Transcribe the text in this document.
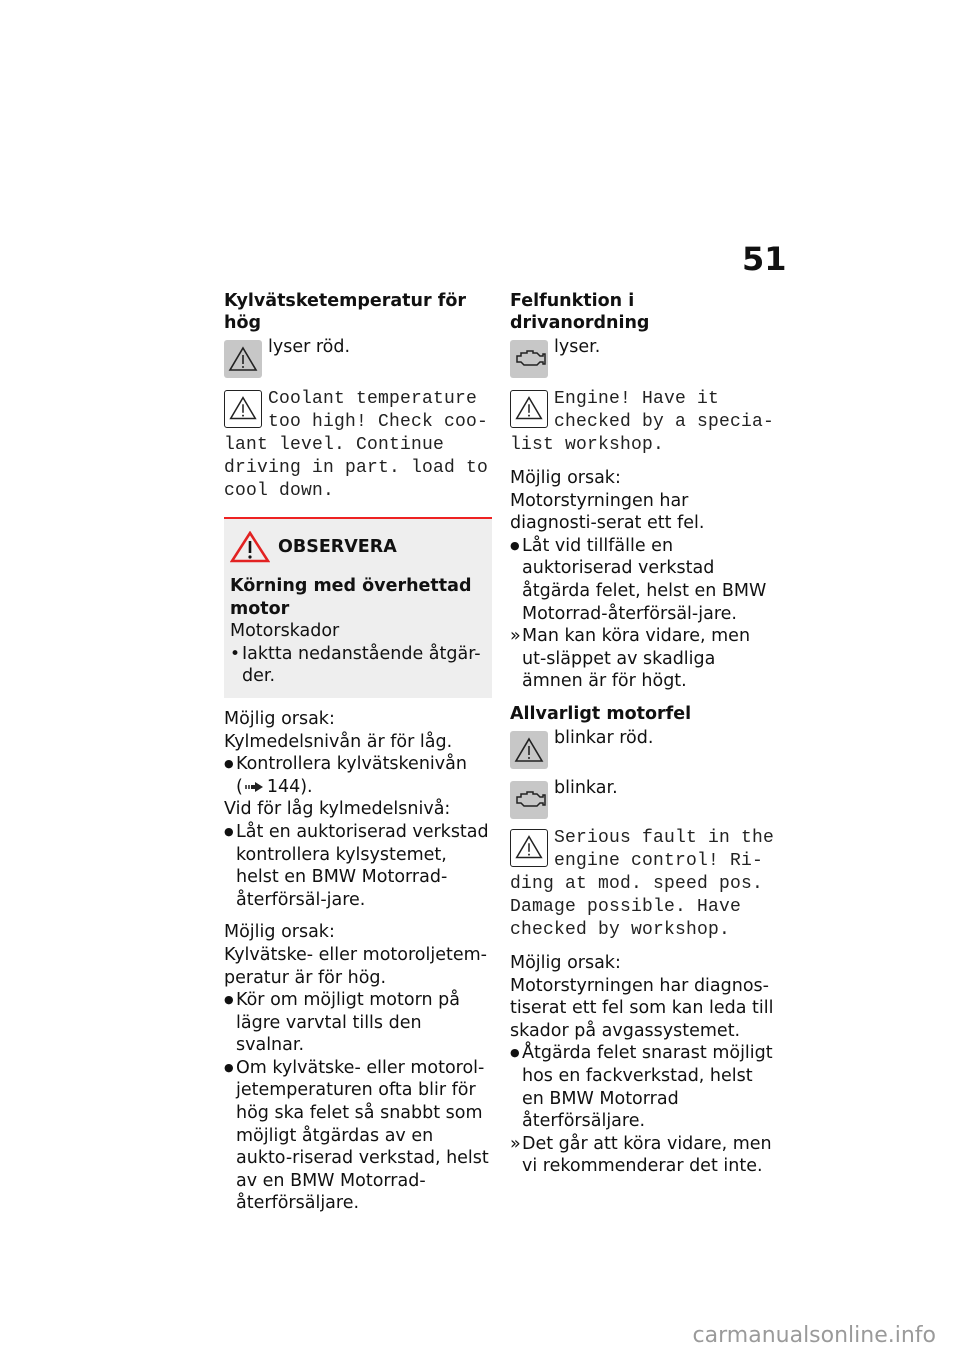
51
Kylvätsketemperatur för hög

lyser röd.

Coolant temperature too high! Check coo-lant level. Continue driving in part. load to cool down.
OBSERVERA

Körning med överhettad motor

Motorskador

• Iaktta nedanstående åtgär-der.

Möjlig orsak:

Kylmedelsnivån är för låg.

● Kontrollera kylvätskenivån
( 144).

Vid för låg kylmedelsnivå:

● Låt en auktoriserad verkstad kontrollera kylsystemet, helst en BMW Motorrad-återförsäl-jare.

Möjlig orsak:

Kylvätske- eller motoroljetem-peratur är för hög.

● Kör om möjligt motorn på lägre varvtal tills den svalnar.
● Om kylvätske- eller motorol-jetemperaturen ofta blir för hög ska felet så snabbt som möjligt åtgärdas av en aukto-riserad verkstad, helst av en BMW Motorrad-återförsäljare.
Felfunktion i drivanordning

lyser.

Engine! Have it checked by a specia-list workshop.

Möjlig orsak:

Motorstyrningen har diagnosti-serat ett fel.

● Låt vid tillfälle en auktoriserad verkstad åtgärda felet, helst en BMW Motorrad-återförsäl-jare.
» Man kan köra vidare, men ut-släppet av skadliga ämnen är för högt.
Allvarligt motorfel

blinkar röd.

blinkar.

Serious fault in the engine control! Ri-ding at mod. speed pos. Damage possible. Have checked by workshop.

Möjlig orsak:

Motorstyrningen har diagnos-tiserat ett fel som kan leda till skador på avgassystemet.

● Åtgärda felet snarast möjligt hos en fackverkstad, helst en BMW Motorrad återförsäljare.
» Det går att köra vidare, men vi rekommenderar det inte.
carmanualsonline.info
